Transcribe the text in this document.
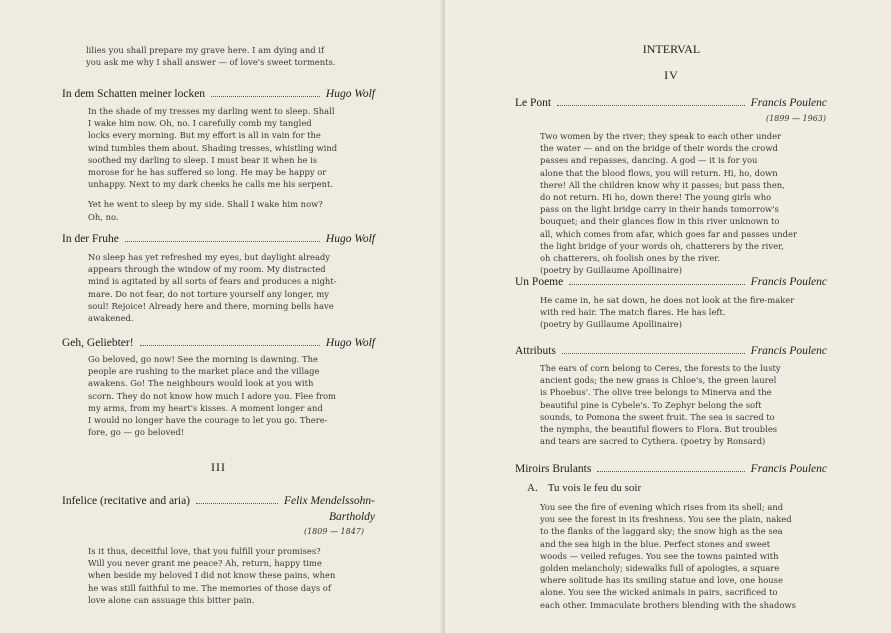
lilies you shall prepare my grave here. I am dying and if

you ask me why I shall answer — of love's sweet torments.

In dem Schatten meiner locken	Hugo Wolf

In the shade of my tresses my darling went to sleep. Shall

I wake him now. Oh, no. I carefully comb my tangled

locks every morning. But my effort is all in vain for the

wind tumbles them about. Shading tresses, whistling wind

soothed my darling to sleep. I must bear it when he is

morose for he has suffered so long. He may be happy or

unhappy. Next to my dark cheeks he calls me his serpent.

Yet he went to sleep by my side. Shall I wake him now?

Oh, no.

In der Fruhe	Hugo Wolf

No sleep has yet refreshed my eyes, but daylight already

appears through the window of my room. My distracted

mind is agitated by all sorts of fears and produces a night-

mare. Do not fear, do not torture yourself any longer, my

soul! Rejoice! Already here and there, morning bells have

awakened.

Geh, Geliebter!	Hugo Wolf

Go beloved, go now! See the morning is dawning. The

people are rushing to the market place and the village

awakens. Go! The neighbours would look at you with

scorn. They do not know how much I adore you. Flee from

my arms, from my heart's kisses. A moment longer and

I would no longer have the courage to let you go. There-

fore, go — go beloved!

III
Infelice (recitative and aria)	Felix Mendelssohn-
Bartholdy
(1809 — 1847)

Is it thus, deceitful love, that you fulfill your promises?

Will you never grant me peace? Ah, return, happy time

when beside my beloved I did not know these pains, when

he was still faithful to me. The memories of those days of

love alone can assuage this bitter pain.

INTERVAL
IV
Le Pont	Francis Poulenc
(1899 — 1963)

Two women by the river; they speak to each other under

the water — and on the bridge of their words the crowd

passes and repasses, dancing. A god — it is for you

alone that the blood flows, you will return. Hi, ho, down

there! All the children know why it passes; but pass then,

do not return. Hi ho, down there! The young girls who

pass on the light bridge carry in their hands tomorrow's

bouquet; and their glances flow in this river unknown to

all, which comes from afar, which goes far and passes under

the light bridge of your words oh, chatterers by the river,

oh chatterers, oh foolish ones by the river.

(poetry by Guillaume Apollinaire)

Un Poeme	Francis Poulenc

He came in, he sat down, he does not look at the fire-maker

with red hair. The match flares. He has left.

(poetry by Guillaume Apollinaire)

Attributs	Francis Poulenc

The ears of corn belong to Ceres, the forests to the lusty

ancient gods; the new grass is Chloe's, the green laurel

is Phoebus'. The olive tree belongs to Minerva and the

beautiful pine is Cybele's. To Zephyr belong the soft

sounds, to Pomona the sweet fruit. The sea is sacred to

the nymphs, the beautiful flowers to Flora. But troubles

and tears are sacred to Cythera. (poetry by Ronsard)

Miroirs Brulants	Francis Poulenc
A. Tu vois le feu du soir

You see the fire of evening which rises from its shell; and

you see the forest in its freshness. You see the plain, naked

to the flanks of the laggard sky; the snow high as the sea

and the sea high in the blue. Perfect stones and sweet

woods — veiled refuges. You see the towns painted with

golden melancholy; sidewalks full of apologies, a square

where solitude has its smiling statue and love, one house

alone. You see the wicked animals in pairs, sacrificed to

each other. Immaculate brothers blending with the shadows
